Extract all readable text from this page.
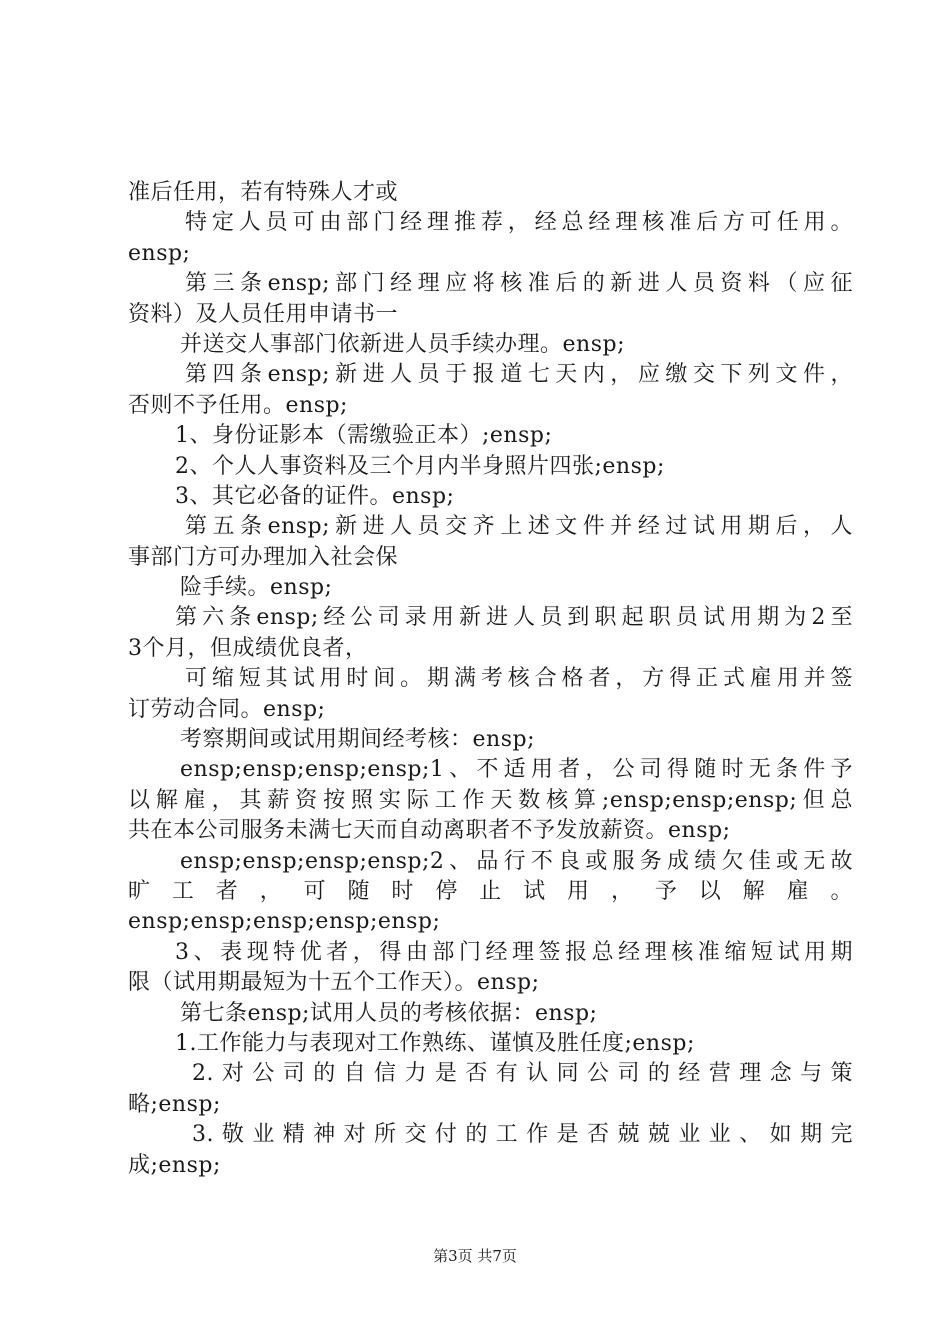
准后任用，若有特殊人才或
特定人员可由部门经理推荐，经总经理核准后方可任用。
ensp;
第三条ensp;部门经理应将核准后的新进人员资料（应征
资料）及人员任用申请书一
并送交人事部门依新进人员手续办理。ensp;
第四条ensp;新进人员于报道七天内，应缴交下列文件，
否则不予任用。ensp;
1、身份证影本（需缴验正本）;ensp;
2、个人人事资料及三个月内半身照片四张;ensp;
3、其它必备的证件。ensp;
第五条ensp;新进人员交齐上述文件并经过试用期后，人
事部门方可办理加入社会保
险手续。ensp;
第六条ensp;经公司录用新进人员到职起职员试用期为2至
3个月，但成绩优良者，
可缩短其试用时间。期满考核合格者，方得正式雇用并签
订劳动合同。ensp;
考察期间或试用期间经考核：ensp;
ensp;ensp;ensp;ensp;1、不适用者，公司得随时无条件予
以解雇，其薪资按照实际工作天数核算;ensp;ensp;ensp;但总
共在本公司服务未满七天而自动离职者不予发放薪资。ensp;
ensp;ensp;ensp;ensp;2、品行不良或服务成绩欠佳或无故
旷工者，可随时停止试用，予以解雇。
ensp;ensp;ensp;ensp;ensp;
3、表现特优者，得由部门经理签报总经理核准缩短试用期
限（试用期最短为十五个工作天）。ensp;
第七条ensp;试用人员的考核依据：ensp;
1.工作能力与表现对工作熟练、谨慎及胜任度;ensp;
2.对公司的自信力是否有认同公司的经营理念与策
略;ensp;
3.敬业精神对所交付的工作是否兢兢业业、如期完
成;ensp;
第3页 共7页
